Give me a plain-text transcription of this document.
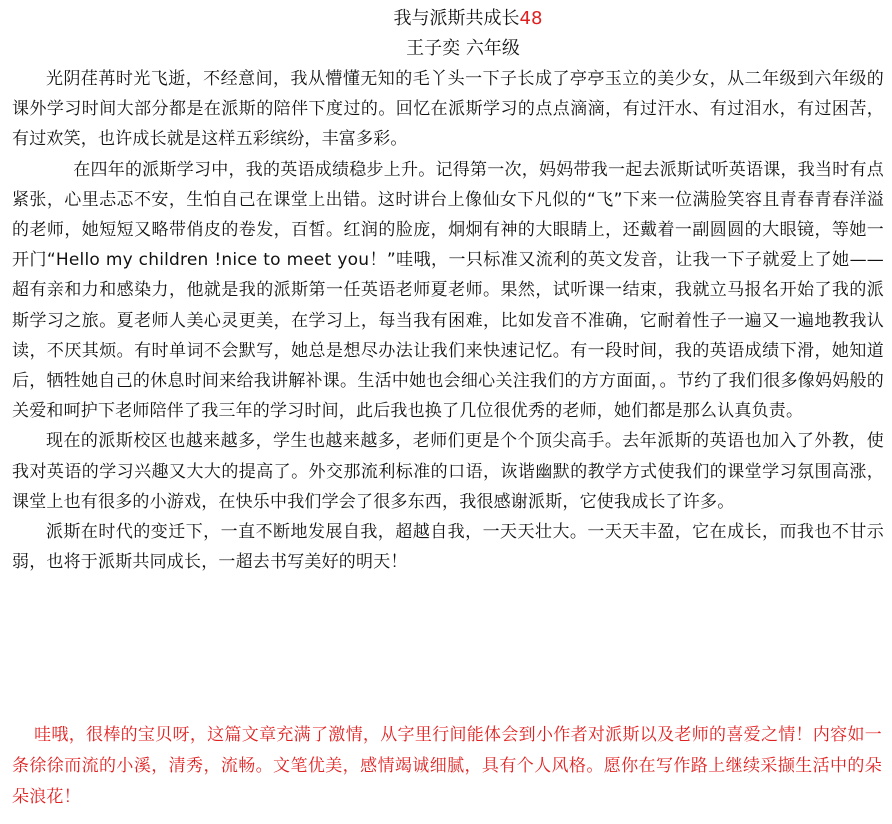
我与派斯共成长48
王子奕 六年级

光阴荏苒时光飞逝，不经意间，我从懵懂无知的毛丫头一下子长成了亭亭玉立的美少女，从二年级到六年级的课外学习时间大部分都是在派斯的陪伴下度过的。回忆在派斯学习的点点滴滴，有过汗水、有过泪水，有过困苦，有过欢笑，也许成长就是这样五彩缤纷，丰富多彩。

在四年的派斯学习中，我的英语成绩稳步上升。记得第一次，妈妈带我一起去派斯试听英语课，我当时有点紧张，心里忐忑不安，生怕自己在课堂上出错。这时讲台上像仙女下凡似的“飞”下来一位满脸笑容且青春青春洋溢的老师，她短短又略带俏皮的卷发，百皙。红润的脸庞，炯炯有神的大眼睛上，还戴着一副圆圆的大眼镜，等她一开门“Hello my children !nice to meet you！”哇哦，一只标准又流利的英文发音，让我一下子就爱上了她——超有亲和力和感染力，他就是我的派斯第一任英语老师夏老师。果然，试听课一结束，我就立马报名开始了我的派斯学习之旅。夏老师人美心灵更美，在学习上，每当我有困难，比如发音不准确，它耐着性子一遍又一遍地教我认读，不厌其烦。有时单词不会默写，她总是想尽办法让我们来快速记忆。有一段时间，我的英语成绩下滑，她知道后，牺牲她自己的休息时间来给我讲解补课。生活中她也会细心关注我们的方方面面，。节约了我们很多像妈妈般的关爱和呵护下老师陪伴了我三年的学习时间，此后我也换了几位很优秀的老师，她们都是那么认真负责。

现在的派斯校区也越来越多，学生也越来越多，老师们更是个个顶尖高手。去年派斯的英语也加入了外教，使我对英语的学习兴趣又大大的提高了。外交那流利标准的口语，诙谐幽默的教学方式使我们的课堂学习氛围高涨，课堂上也有很多的小游戏，在快乐中我们学会了很多东西，我很感谢派斯，它使我成长了许多。

派斯在时代的变迁下，一直不断地发展自我，超越自我，一天天壮大。一天天丰盈，它在成长，而我也不甘示弱，也将于派斯共同成长，一超去书写美好的明天！

哇哦，很棒的宝贝呀，这篇文章充满了激情，从字里行间能体会到小作者对派斯以及老师的喜爱之情！内容如一条徐徐而流的小溪，清秀，流畅。文笔优美，感情竭诚细腻，具有个人风格。愿你在写作路上继续采撷生活中的朵朵浪花！
